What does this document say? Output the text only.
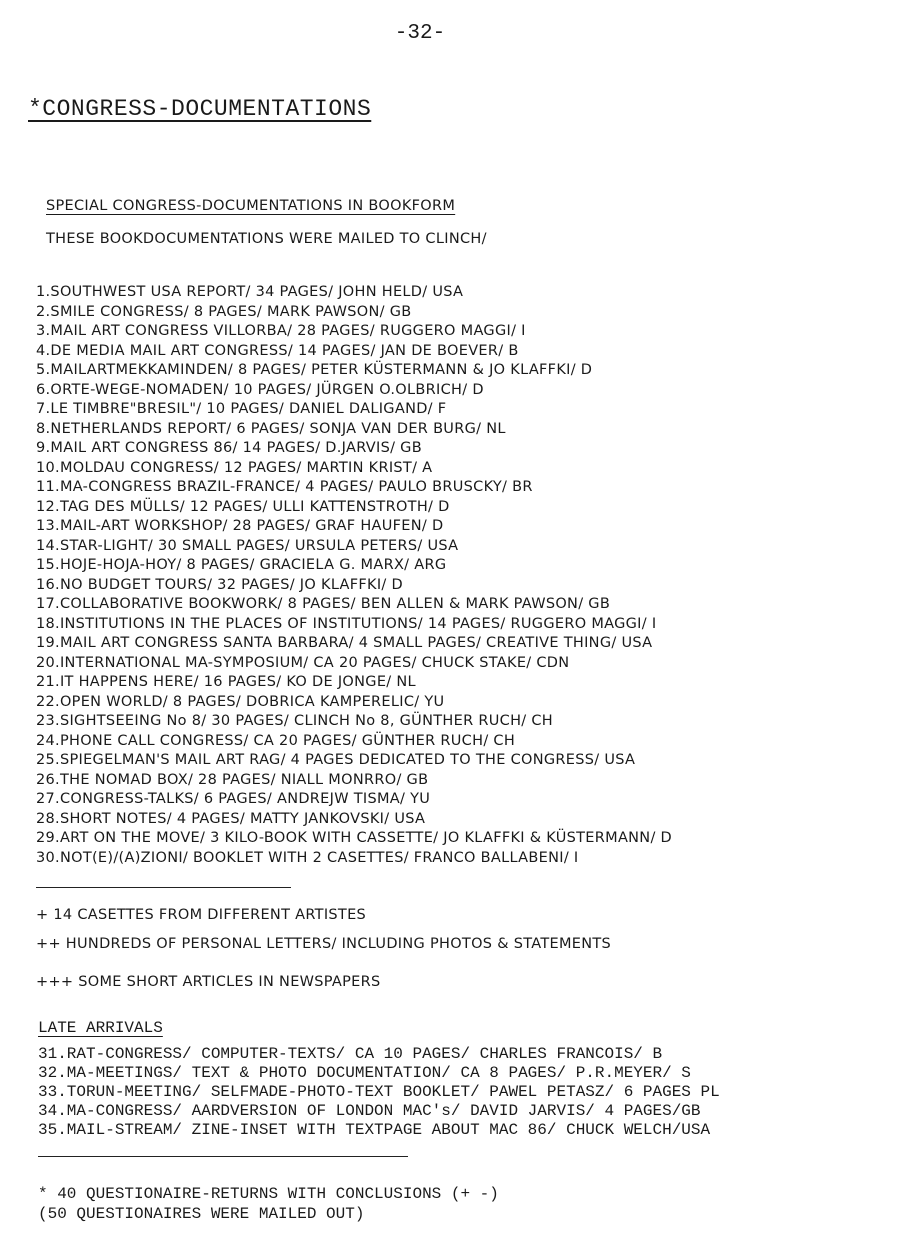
-32-
*CONGRESS-DOCUMENTATIONS
SPECIAL CONGRESS-DOCUMENTATIONS IN BOOKFORM
THESE BOOKDOCUMENTATIONS WERE MAILED TO CLINCH/
1.SOUTHWEST USA REPORT/ 34 PAGES/ JOHN HELD/ USA
2.SMILE CONGRESS/ 8 PAGES/ MARK PAWSON/ GB
3.MAIL ART CONGRESS VILLORBA/ 28 PAGES/ RUGGERO MAGGI/ I
4.DE MEDIA MAIL ART CONGRESS/ 14 PAGES/ JAN DE BOEVER/ B
5.MAILARTMEKKAMINDEN/ 8 PAGES/ PETER KÜSTERMANN & JO KLAFFKI/ D
6.ORTE-WEGE-NOMADEN/ 10 PAGES/ JÜRGEN O.OLBRICH/ D
7.LE TIMBRE"BRESIL"/ 10 PAGES/ DANIEL DALIGAND/ F
8.NETHERLANDS REPORT/ 6 PAGES/ SONJA VAN DER BURG/ NL
9.MAIL ART CONGRESS 86/ 14 PAGES/ D.JARVIS/ GB
10.MOLDAU CONGRESS/ 12 PAGES/ MARTIN KRIST/ A
11.MA-CONGRESS BRAZIL-FRANCE/ 4 PAGES/ PAULO BRUSCKY/ BR
12.TAG DES MÜLLS/ 12 PAGES/ ULLI KATTENSTROTH/ D
13.MAIL-ART WORKSHOP/ 28 PAGES/ GRAF HAUFEN/ D
14.STAR-LIGHT/ 30 SMALL PAGES/ URSULA PETERS/ USA
15.HOJE-HOJA-HOY/ 8 PAGES/ GRACIELA G. MARX/ ARG
16.NO BUDGET TOURS/ 32 PAGES/ JO KLAFFKI/ D
17.COLLABORATIVE BOOKWORK/ 8 PAGES/ BEN ALLEN & MARK PAWSON/ GB
18.INSTITUTIONS IN THE PLACES OF INSTITUTIONS/ 14 PAGES/ RUGGERO MAGGI/ I
19.MAIL ART CONGRESS SANTA BARBARA/ 4 SMALL PAGES/ CREATIVE THING/ USA
20.INTERNATIONAL MA-SYMPOSIUM/ CA 20 PAGES/ CHUCK STAKE/ CDN
21.IT HAPPENS HERE/ 16 PAGES/ KO DE JONGE/ NL
22.OPEN WORLD/ 8 PAGES/ DOBRICA KAMPERELIC/ YU
23.SIGHTSEEING No 8/ 30 PAGES/ CLINCH No 8, GÜNTHER RUCH/ CH
24.PHONE CALL CONGRESS/ CA 20 PAGES/ GÜNTHER RUCH/ CH
25.SPIEGELMAN'S MAIL ART RAG/ 4 PAGES DEDICATED TO THE CONGRESS/ USA
26.THE NOMAD BOX/ 28 PAGES/ NIALL MONRRO/ GB
27.CONGRESS-TALKS/ 6 PAGES/ ANDREJW TISMA/ YU
28.SHORT NOTES/ 4 PAGES/ MATTY JANKOVSKI/ USA
29.ART ON THE MOVE/ 3 KILO-BOOK WITH CASSETTE/ JO KLAFFKI & KÜSTERMANN/ D
30.NOT(E)/(A)ZIONI/ BOOKLET WITH 2 CASETTES/ FRANCO BALLABENI/ I
+ 14 CASETTES FROM DIFFERENT ARTISTES
++ HUNDREDS OF PERSONAL LETTERS/ INCLUDING PHOTOS & STATEMENTS
+++ SOME SHORT ARTICLES IN NEWSPAPERS
LATE ARRIVALS
31.RAT-CONGRESS/ COMPUTER-TEXTS/ CA 10 PAGES/ CHARLES FRANCOIS/ B
32.MA-MEETINGS/ TEXT & PHOTO DOCUMENTATION/ CA 8 PAGES/ P.R.MEYER/ S
33.TORUN-MEETING/ SELFMADE-PHOTO-TEXT BOOKLET/ PAWEL PETASZ/ 6 PAGES PL
34.MA-CONGRESS/ AARDVERSION OF LONDON MAC's/ DAVID JARVIS/ 4 PAGES/GB
35.MAIL-STREAM/ ZINE-INSET WITH TEXTPAGE ABOUT MAC 86/ CHUCK WELCH/USA
* 40 QUESTIONAIRE-RETURNS WITH CONCLUSIONS (+ -)
(50 QUESTIONAIRES WERE MAILED OUT)
